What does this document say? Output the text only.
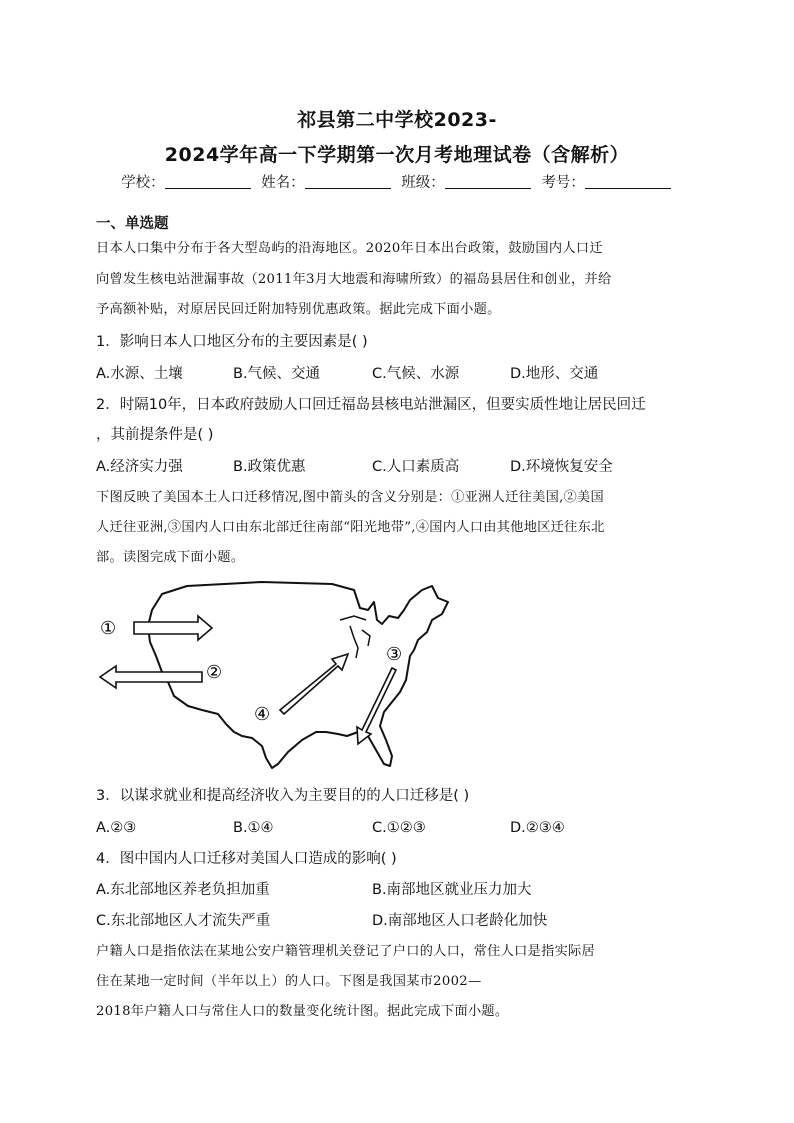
祁县第二中学校2023-
2024学年高一下学期第一次月考地理试卷（含解析）
学校：	姓名：	班级：	考号：
一、单选题
日本人口集中分布于各大型岛屿的沿海地区。2020年日本出台政策，鼓励国内人口迁
向曾发生核电站泄漏事故（2011年3月大地震和海啸所致）的福岛县居住和创业，并给
予高额补贴，对原居民回迁附加特别优惠政策。据此完成下面小题。
1．影响日本人口地区分布的主要因素是( )
A.水源、土壤	B.气候、交通	C.气候、水源	D.地形、交通
2．时隔10年，日本政府鼓励人口回迁福岛县核电站泄漏区，但要实质性地让居民回迁
，其前提条件是( )
A.经济实力强	B.政策优惠	C.人口素质高	D.环境恢复安全
下图反映了美国本土人口迁移情况,图中箭头的含义分别是：①亚洲人迁往美国,②美国
人迁往亚洲,③国内人口由东北部迁往南部“阳光地带”,④国内人口由其他地区迁往东北
部。读图完成下面小题。
①
②
③
④
3．以谋求就业和提高经济收入为主要目的的人口迁移是( )
A.②③	B.①④	C.①②③	D.②③④
4．图中国内人口迁移对美国人口造成的影响( )
A.东北部地区养老负担加重	B.南部地区就业压力加大
C.东北部地区人才流失严重	D.南部地区人口老龄化加快
户籍人口是指依法在某地公安户籍管理机关登记了户口的人口，常住人口是指实际居
住在某地一定时间（半年以上）的人口。下图是我国某市2002—
2018年户籍人口与常住人口的数量变化统计图。据此完成下面小题。
